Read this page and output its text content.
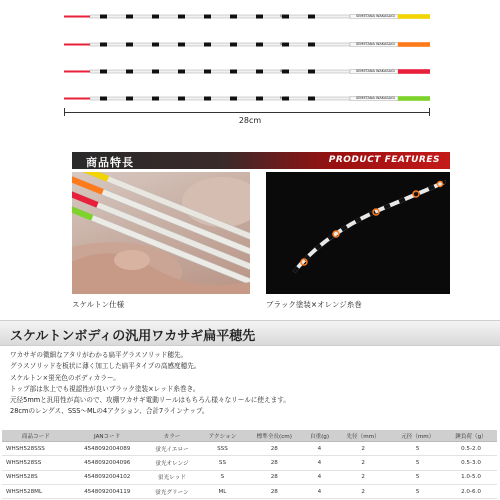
SSS	SEMETANA WAKASAGI
SS	SEMETANA WAKASAGI
S	SEMETANA WAKASAGI
ML	SEMETANA WAKASAGI
28cm
商品特長	PRODUCT FEATURES
スケルトン仕様	ブラック塗装×オレンジ糸巻
スケルトンボディの汎用ワカサギ扁平穂先
ワカサギの微細なアタリがわかる扁平グラスソリッド穂先。
グラスソリッドを板状に薄く加工した扁平タイプの高感度穂先。
スケルトン×蛍光色のボディカラー。
トップ部は氷上でも視認性が良いブラック塗装×レッド糸巻き。
元径5mmと汎用性が高いので、攻棚ワカサギ電動リールはもちろん様々なリールに使えます。
28cmのレングス、SSS〜MLの4アクション、合計7ラインナップ。
商品コード	JANコード	カラー	アクション	標準全長(cm)	自重(g)	先径（mm）	元径（mm）	錘負荷（g）
WHSH528SSS	4548092004089	蛍光イエロー	SSS	28	4	2	5	0.5-2.0
WHSH528SS	4548092004096	蛍光オレンジ	SS	28	4	2	5	0.5-3.0
WHSH528S	4548092004102	蛍光レッド	S	28	4	2	5	1.0-5.0
WHSH528ML	4548092004119	蛍光グリーン	ML	28	4	2	5	2.0-6.0
